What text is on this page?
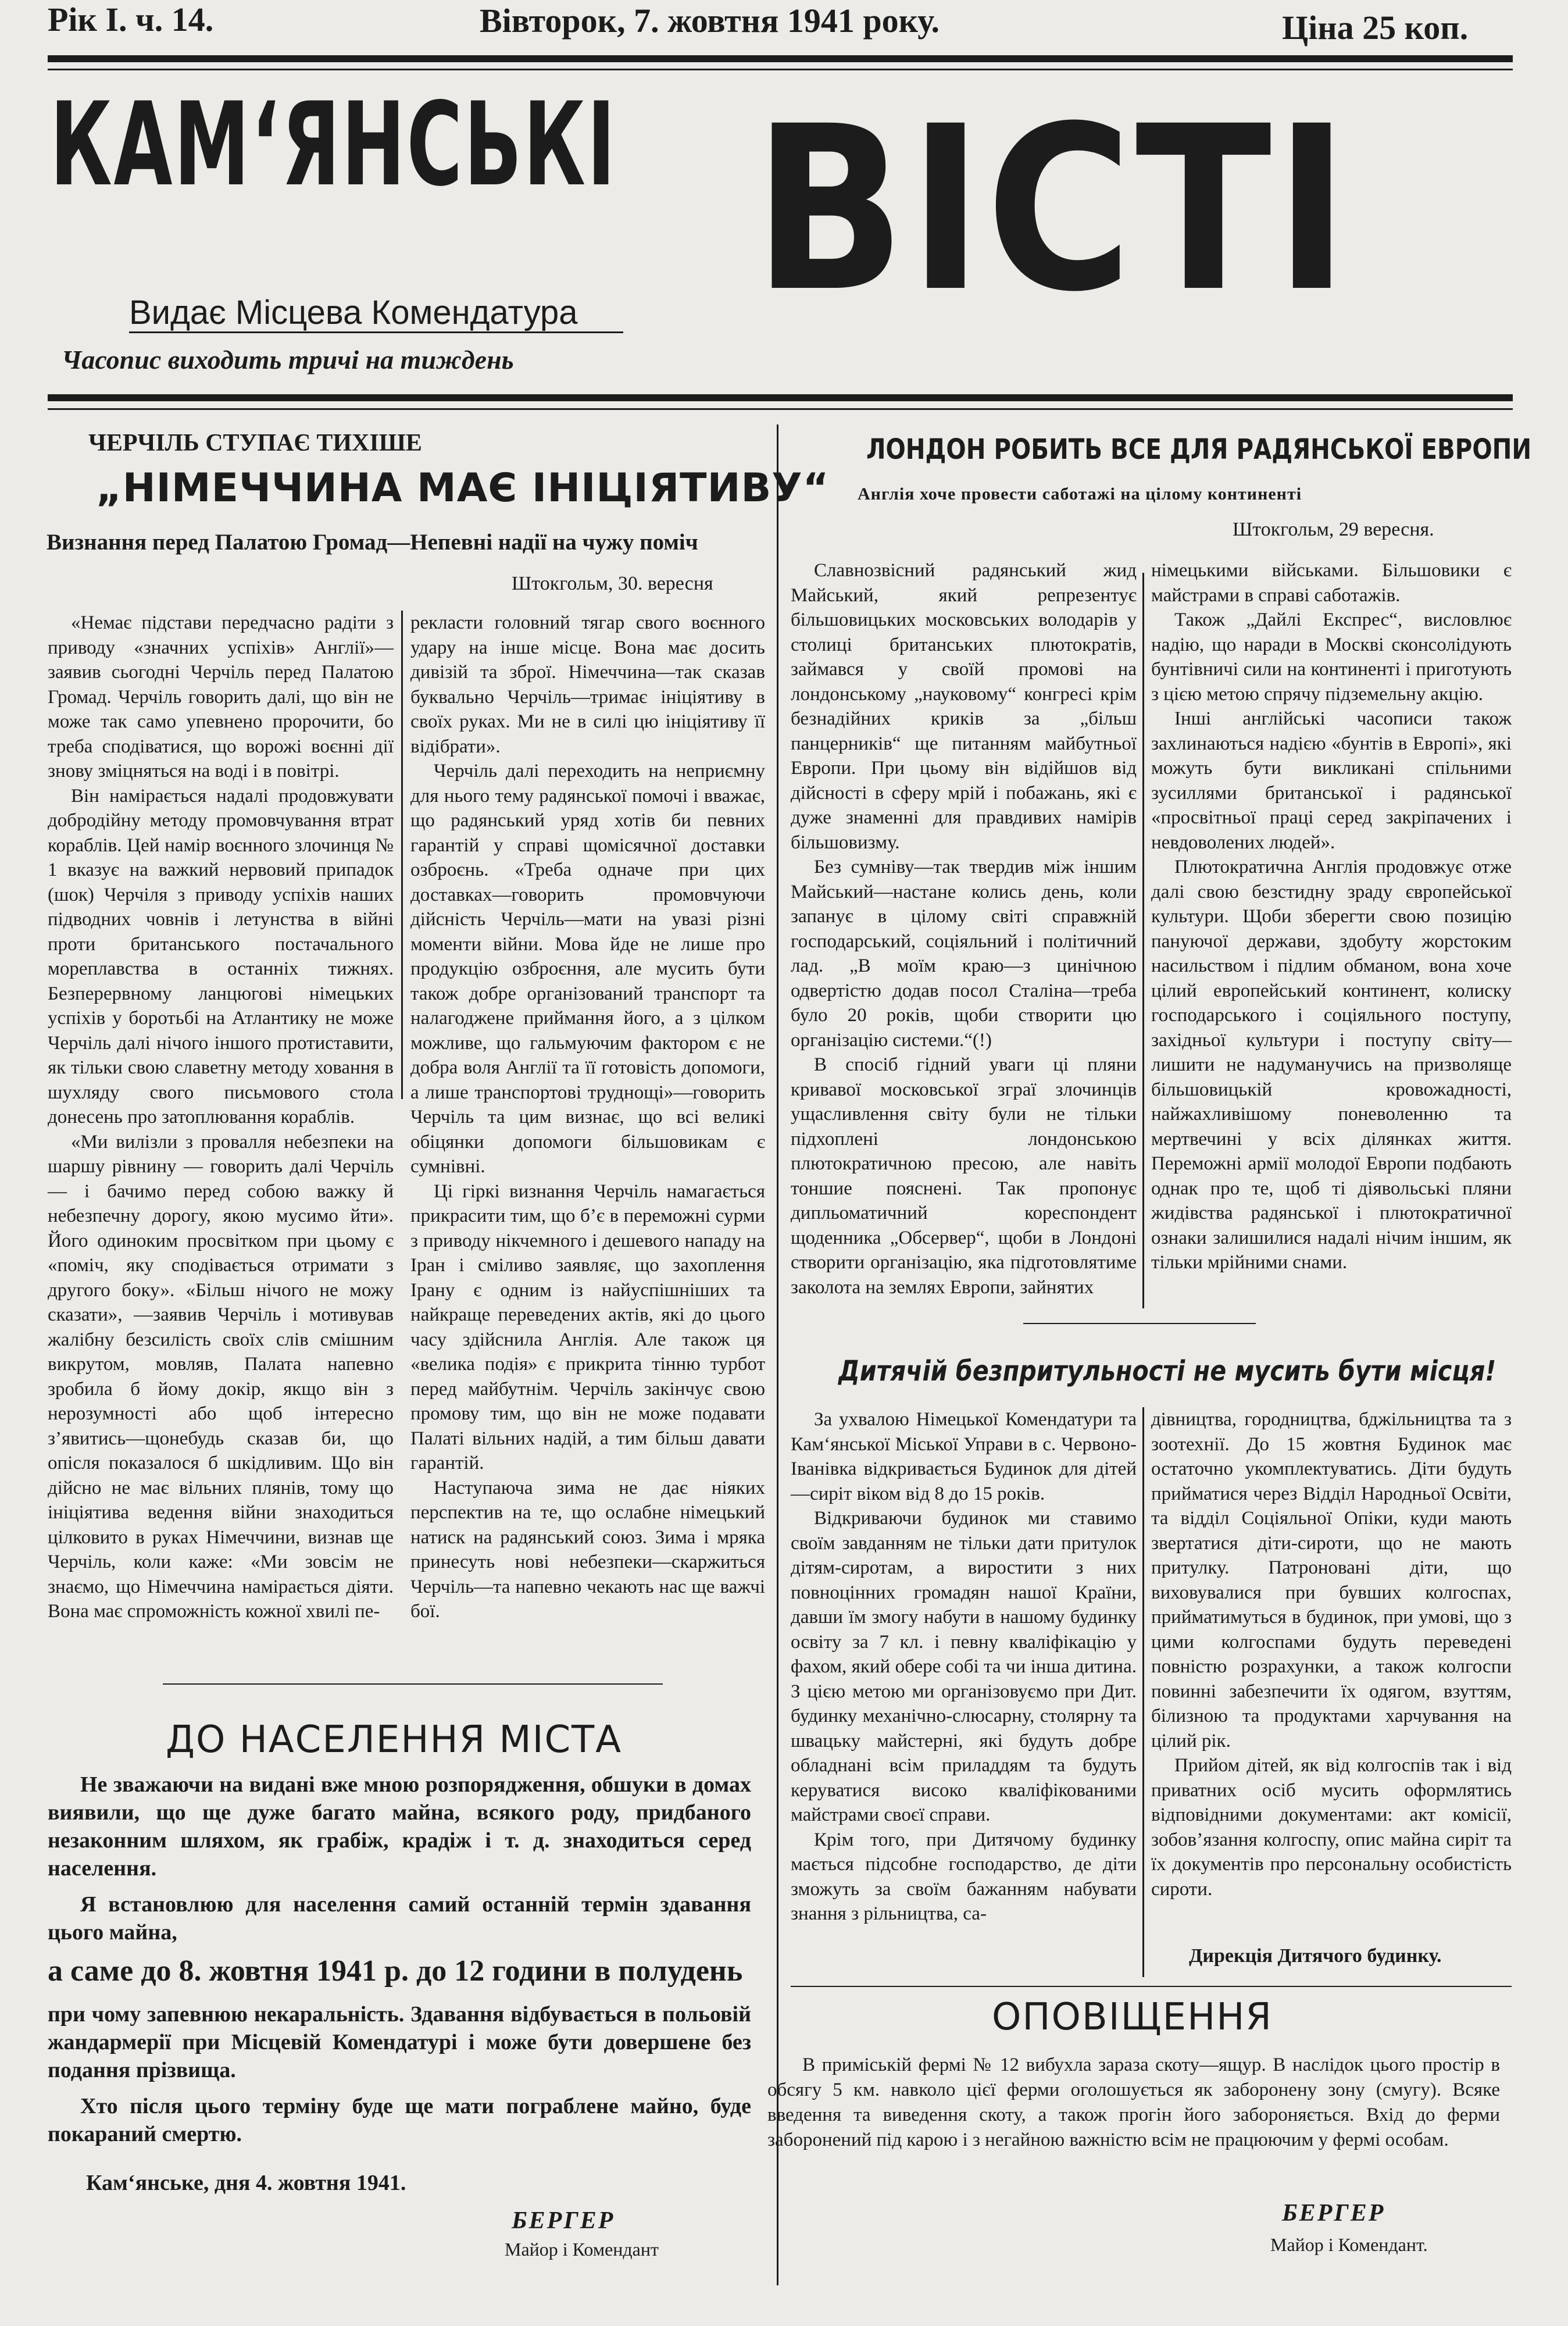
Рік I. ч. 14.	Вівторок, 7. жовтня 1941 року.	Ціна 25 коп.
КАМ‘ЯНСЬКІ ВІСТІ
Видає Місцева Комендатура
Часопис виходить тричі на тиждень
ЧЕРЧІЛЬ СТУПАЄ ТИХІШЕ
„НІМЕЧЧИНА МАЄ ІНІЦІЯТИВУ“
Визнання перед Палатою Громад—Непевні надії на чужу поміч
Штокгольм, 30. вересня

«Немає підстави передчасно радіти з приводу «значних успіхів» Англії»—заявив сьогодні Черчіль перед Палатою Громад. Черчіль говорить далі, що він не може так само упевнено пророчити, бо треба сподіватися, що ворожі воєнні дії знову зміцняться на воді і в повітрі.

Він намірається надалі продовжувати добродійну методу промовчування втрат кораблів. Цей намір воєнного злочинця № 1 вказує на важкий нервовий припадок (шок) Черчіля з приводу успіхів наших підводних човнів і летунства в війні проти британського постачального мореплавства в останніх тижнях. Безперервному ланцюгові німецьких успіхів у боротьбі на Атлантику не може Черчіль далі нічого іншого протиставити, як тільки свою славетну методу ховання в шухляду свого письмового стола донесень про затоплювання кораблів.

«Ми вилізли з провалля небезпеки на шаршу рівнину — говорить далі Черчіль — і бачимо перед собою важку й небезпечну дорогу, якою мусимо йти». Його одиноким просвітком при цьому є «поміч, яку сподівається отримати з другого боку». «Більш нічого не можу сказати», —заявив Черчіль і мотивував жалібну безсилість своїх слів смішним викрутом, мовляв, Палата напевно зробила б йому докір, якщо він з нерозумності або щоб інтересно з’явитись—щонебудь сказав би, що опісля показалося б шкідливим. Що він дійсно не має вільних плянів, тому що ініціятива ведення війни знаходиться цілковито в руках Німеччини, визнав ще Черчіль, коли каже: «Ми зовсім не знаємо, що Німеччина намірається діяти. Вона має спроможність кожної хвилі пе-

рекласти головний тягар свого воєнного удару на інше місце. Вона має досить дивізій та зброї. Німеччина—так сказав буквально Черчіль—тримає ініціятиву в своїх руках. Ми не в силі цю ініціятиву її відібрати».

Черчіль далі переходить на неприємну для нього тему радянської помочі і вважає, що радянський уряд хотів би певних гарантій у справі щомісячної доставки озброєнь. «Треба одначе при цих доставках—говорить промовчуючи дійсність Черчіль—мати на увазі різні моменти війни. Мова йде не лише про продукцію озброєння, але мусить бути також добре організований транспорт та налагоджене приймання його, а з цілком можливе, що гальмуючим фактором є не добра воля Англії та її готовість допомоги, а лише транспортові труднощі»—говорить Черчіль та цим визнає, що всі великі обіцянки допомоги більшовикам є сумнівні.

Ці гіркі визнання Черчіль намагається прикрасити тим, що б’є в переможні сурми з приводу нікчемного і дешевого нападу на Іран і сміливо заявляє, що захоплення Ірану є одним із найуспішніших та найкраще переведених актів, які до цього часу здійснила Англія. Але також ця «велика подія» є прикрита тінню турбот перед майбутнім. Черчіль закінчує свою промову тим, що він не може подавати Палаті вільних надій, а тим більш давати гарантій.

Наступаюча зима не дає ніяких перспектив на те, що ослабне німецький натиск на радянський союз. Зима і мряка принесуть нові небезпеки—скаржиться Черчіль—та напевно чекають нас ще важчі бої.

ДО НАСЕЛЕННЯ МІСТА

Не зважаючи на видані вже мною розпорядження, обшуки в домах виявили, що ще дуже багато майна, всякого роду, придбаного незаконним шляхом, як грабіж, крадіж і т. д. знаходиться серед населення.

Я встановлюю для населення самий останній термін здавання цього майна,

а саме до 8. жовтня 1941 р. до 12 години в полудень

при чому запевнюю некаральність. Здавання відбувається в польовій жандармерії при Місцевій Комендатурі і може бути довершене без подання прізвища.

Хто після цього терміну буде ще мати пограблене майно, буде покараний смертю.

Кам‘янське, дня 4. жовтня 1941.
БЕРГЕР
Майор і Комендант
ЛОНДОН РОБИТЬ ВСЕ ДЛЯ РАДЯНСЬКОЇ ЕВРОПИ
Англія хоче провести саботажі на цілому континенті
Штокгольм, 29 вересня.

Славнозвісний радянський жид Майський, який репрезентує більшовицьких московських володарів у столиці британських плютократів, займався у своїй промові на лондонському „науковому“ конгресі крім безнадійних криків за „більш панцерників“ ще питанням майбутньої Европи. При цьому він відійшов від дійсності в сферу мрій і побажань, які є дуже знаменні для правдивих намірів більшовизму.

Без сумніву—так твердив між іншим Майський—настане колись день, коли запанує в цілому світі справжній господарський, соціяльний і політичний лад. „В моїм краю—з цинічною одвертістю додав посол Сталіна—треба було 20 років, щоби створити цю організацію системи.“(!)

В спосіб гідний уваги ці пляни кривавої московської зграї злочинців ущасливлення світу були не тільки підхоплені лондонською плютократичною пресою, але навіть тоншие пояснені. Так пропонує дипльоматичний кореспондент щоденника „Обсервер“, щоби в Лондоні створити організацію, яка підготовлятиме заколота на землях Европи, зайнятих

німецькими військами. Більшовики є майстрами в справі саботажів.

Також „Дайлі Експрес“, висловлює надію, що наради в Москві сконсолідують бунтівничі сили на континенті і приготують з цією метою спрячу підземельну акцію.

Інші англійські часописи також захлинаються надією «бунтів в Европі», які можуть бути викликані спільними зусиллями британської і радянської «просвітньої праці серед закріпачених і невдоволених людей».

Плютократична Англія продовжує отже далі свою безстидну зраду європейської культури. Щоби зберегти свою позицію пануючої держави, здобуту жорстоким насильством і підлим обманом, вона хоче цілий европейський континент, колиску господарського і соціяльного поступу, західньої культури і поступу світу—лишити не надуманучись на призволяще більшовицькій кровожадності, найжахливішому поневоленню та мертвечині у всіх ділянках життя. Переможні армії молодої Европи подбають однак про те, щоб ті діявольські пляни жидівства радянської і плютократичної ознаки залишилися надалі нічим іншим, як тільки мрійними снами.

Дитячій безпритульності не мусить бути місця!

За ухвалою Німецької Комендатури та Кам‘янської Міської Управи в с. Червоно-Іванівка відкривається Будинок для дітей—сиріт віком від 8 до 15 років.

Відкриваючи будинок ми ставимо своїм завданням не тільки дати притулок дітям-сиротам, а виростити з них повноцінних громадян нашої Країни, давши їм змогу набути в нашому будинку освіту за 7 кл. і певну кваліфікацію у фахом, який обере собі та чи інша дитина. З цією метою ми організовуємо при Дит. будинку механічно-слюсарну, столярну та швацьку майстерні, які будуть добре обладнані всім приладдям та будуть керуватися високо кваліфікованими майстрами своєї справи.

Крім того, при Дитячому будинку мається підсобне господарство, де діти зможуть за своїм бажанням набувати знання з рільництва, са-

дівництва, городництва, бджільництва та з зоотехнії. До 15 жовтня Будинок має остаточно укомплектуватись. Діти будуть прийматися через Відділ Народньої Освіти, та відділ Соціяльної Опіки, куди мають звертатися діти-сироти, що не мають притулку. Патроновані діти, що виховувалися при бувших колгоспах, прийматимуться в будинок, при умові, що з цими колгоспами будуть переведені повністю розрахунки, а також колгоспи повинні забезпечити їх одягом, взуттям, білизною та продуктами харчування на цілий рік.

Прийом дітей, як від колгоспів так і від приватних осіб мусить оформлятись відповідними документами: акт комісії, зобов’язання колгоспу, опис майна сиріт та їх документів про персональну особистість сироти.

Дирекція Дитячого будинку.
ОПОВІЩЕННЯ

В приміській фермі № 12 вибухла зараза скоту—ящур. В наслідок цього простір в обсягу 5 км. навколо цієї ферми оголошується як заборонену зону (смугу). Всяке введення та виведення скоту, а також прогін його забороняється. Вхід до ферми заборонений під карою і з негайною важністю всім не працюючим у фермі особам.

БЕРГЕР
Майор і Комендант.
